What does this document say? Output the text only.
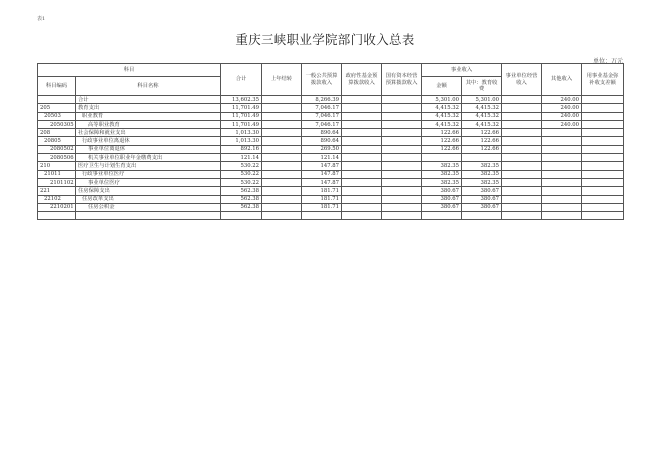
表1
重庆三峡职业学院部门收入总表
单位：万元
科目		合计	上年结转	一般公共预算拨款收入	政府性基金预算拨款收入	国有资本经营预算拨款收入	事业收入		事业单位经营收入	其他收入	用事业基金弥补收支差额
科目编码	科目名称						金额	其中：教育收费			
	合计	13,602.35		8,266.39			5,301.00	5,301.00		240.00	
205	教育支出	11,701.49		7,046.17			4,415.32	4,415.32		240.00	
20503	职业教育	11,701.49		7,046.17			4,415.32	4,415.32		240.00	
2050305	高等职业教育	11,701.49		7,046.17			4,415.32	4,415.32		240.00	
208	社会保障和就业支出	1,013.30		890.64			122.66	122.66			
20805	行政事业单位离退休	1,013.30		890.64			122.66	122.66			
2080502	事业单位离退休	892.16		269.50			122.66	122.66			
2080506	机关事业单位职业年金缴费支出	121.14		121.14							
210	医疗卫生与计划生育支出	530.22		147.87			382.35	382.35			
21011	行政事业单位医疗	530.22		147.87			382.35	382.35			
2101102	事业单位医疗	530.22		147.87			382.35	382.35			
221	住房保障支出	562.38		181.71			380.67	380.67			
22102	住房改革支出	562.38		181.71			380.67	380.67			
2210201	住房公积金	562.38		181.71			380.67	380.67			
